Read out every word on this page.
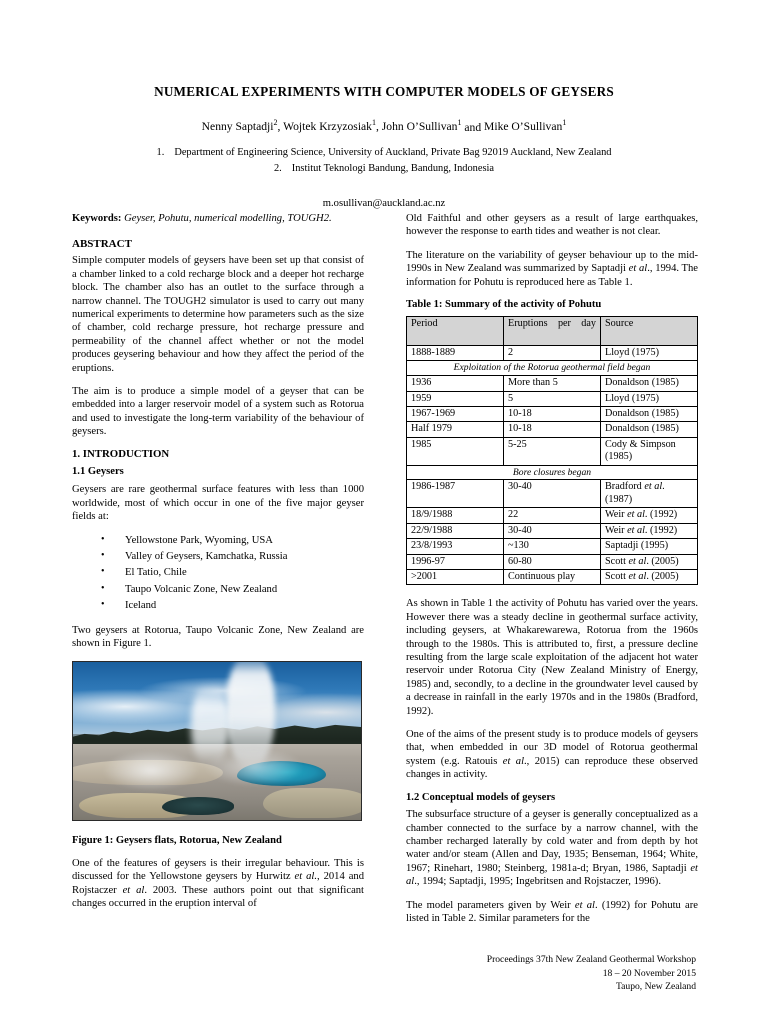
NUMERICAL EXPERIMENTS WITH COMPUTER MODELS OF GEYSERS
Nenny Saptadji$^2$, Wojtek Krzyzosiak$^1$, John O’Sullivan$^1$ and Mike O’Sullivan$^1$
1. Department of Engineering Science, University of Auckland, Private Bag 92019 Auckland, New Zealand
2. Institut Teknologi Bandung, Bandung, Indonesia
m.osullivan@auckland.ac.nz
Keywords: Geyser, Pohutu, numerical modelling, TOUGH2.
ABSTRACT

Simple computer models of geysers have been set up that consist of a chamber linked to a cold recharge block and a deeper hot recharge block. The chamber also has an outlet to the surface through a narrow channel. The TOUGH2 simulator is used to carry out many numerical experiments to determine how parameters such as the size of chamber, cold recharge pressure, hot recharge pressure and permeability of the channel affect whether or not the model produces geysering behaviour and how they affect the period of the eruptions.

The aim is to produce a simple model of a geyser that can be embedded into a larger reservoir model of a system such as Rotorua and used to investigate the long-term variability of the behaviour of geysers.

1. INTRODUCTION
1.1 Geysers

Geysers are rare geothermal surface features with less than 1000 worldwide, most of which occur in one of the five major geyser fields at:

• Yellowstone Park, Wyoming, USA
• Valley of Geysers, Kamchatka, Russia
• El Tatio, Chile
• Taupo Volcanic Zone, New Zealand
• Iceland

Two geysers at Rotorua, Taupo Volcanic Zone, New Zealand are shown in Figure 1.

Figure 1: Geysers flats, Rotorua, New Zealand

One of the features of geysers is their irregular behaviour. This is discussed for the Yellowstone geysers by Hurwitz et al., 2014 and Rojstaczer et al. 2003. These authors point out that significant changes occurred in the eruption interval of

Old Faithful and other geysers as a result of large earthquakes, however the response to earth tides and weather is not clear.

The literature on the variability of geyser behaviour up to the mid-1990s in New Zealand was summarized by Saptadji et al., 1994. The information for Pohutu is reproduced here as Table 1.

Table 1: Summary of the activity of Pohutu
Period	Eruptions per day	Source
1888-1889	2	Lloyd (1975)
Exploitation of the Rotorua geothermal field began		
1936	More than 5	Donaldson (1985)
1959	5	Lloyd (1975)
1967-1969	10-18	Donaldson (1985)
Half 1979	10-18	Donaldson (1985)
1985	5-25	Cody & Simpson (1985)
Bore closures began		
1986-1987	30-40	Bradford et al. (1987)
18/9/1988	22	Weir et al. (1992)
22/9/1988	30-40	Weir et al. (1992)
23/8/1993	~130	Saptadji (1995)
1996-97	60-80	Scott et al. (2005)
>2001	Continuous play	Scott et al. (2005)

As shown in Table 1 the activity of Pohutu has varied over the years. However there was a steady decline in geothermal surface activity, including geysers, at Whakarewarewa, Rotorua from the 1960s through to the 1980s. This is attributed to, first, a pressure decline resulting from the large scale exploitation of the adjacent hot water reservoir under Rotorua City (New Zealand Ministry of Energy, 1985) and, secondly, to a decline in the groundwater level caused by a decrease in rainfall in the early 1970s and in the 1980s (Bradford, 1992).

One of the aims of the present study is to produce models of geysers that, when embedded in our 3D model of Rotorua geothermal system (e.g. Ratouis et al., 2015) can reproduce these observed changes in activity.

1.2 Conceptual models of geysers

The subsurface structure of a geyser is generally conceptualized as a chamber connected to the surface by a narrow channel, with the chamber recharged laterally by cold water and from depth by hot water and/or steam (Allen and Day, 1935; Benseman, 1964; White, 1967; Rinehart, 1980; Steinberg, 1981a-d; Bryan, 1986, Saptadji et al., 1994; Saptadji, 1995; Ingebritsen and Rojstaczer, 1996).

The model parameters given by Weir et al. (1992) for Pohutu are listed in Table 2. Similar parameters for the

Proceedings 37th New Zealand Geothermal Workshop
18 – 20 November 2015
Taupo, New Zealand
